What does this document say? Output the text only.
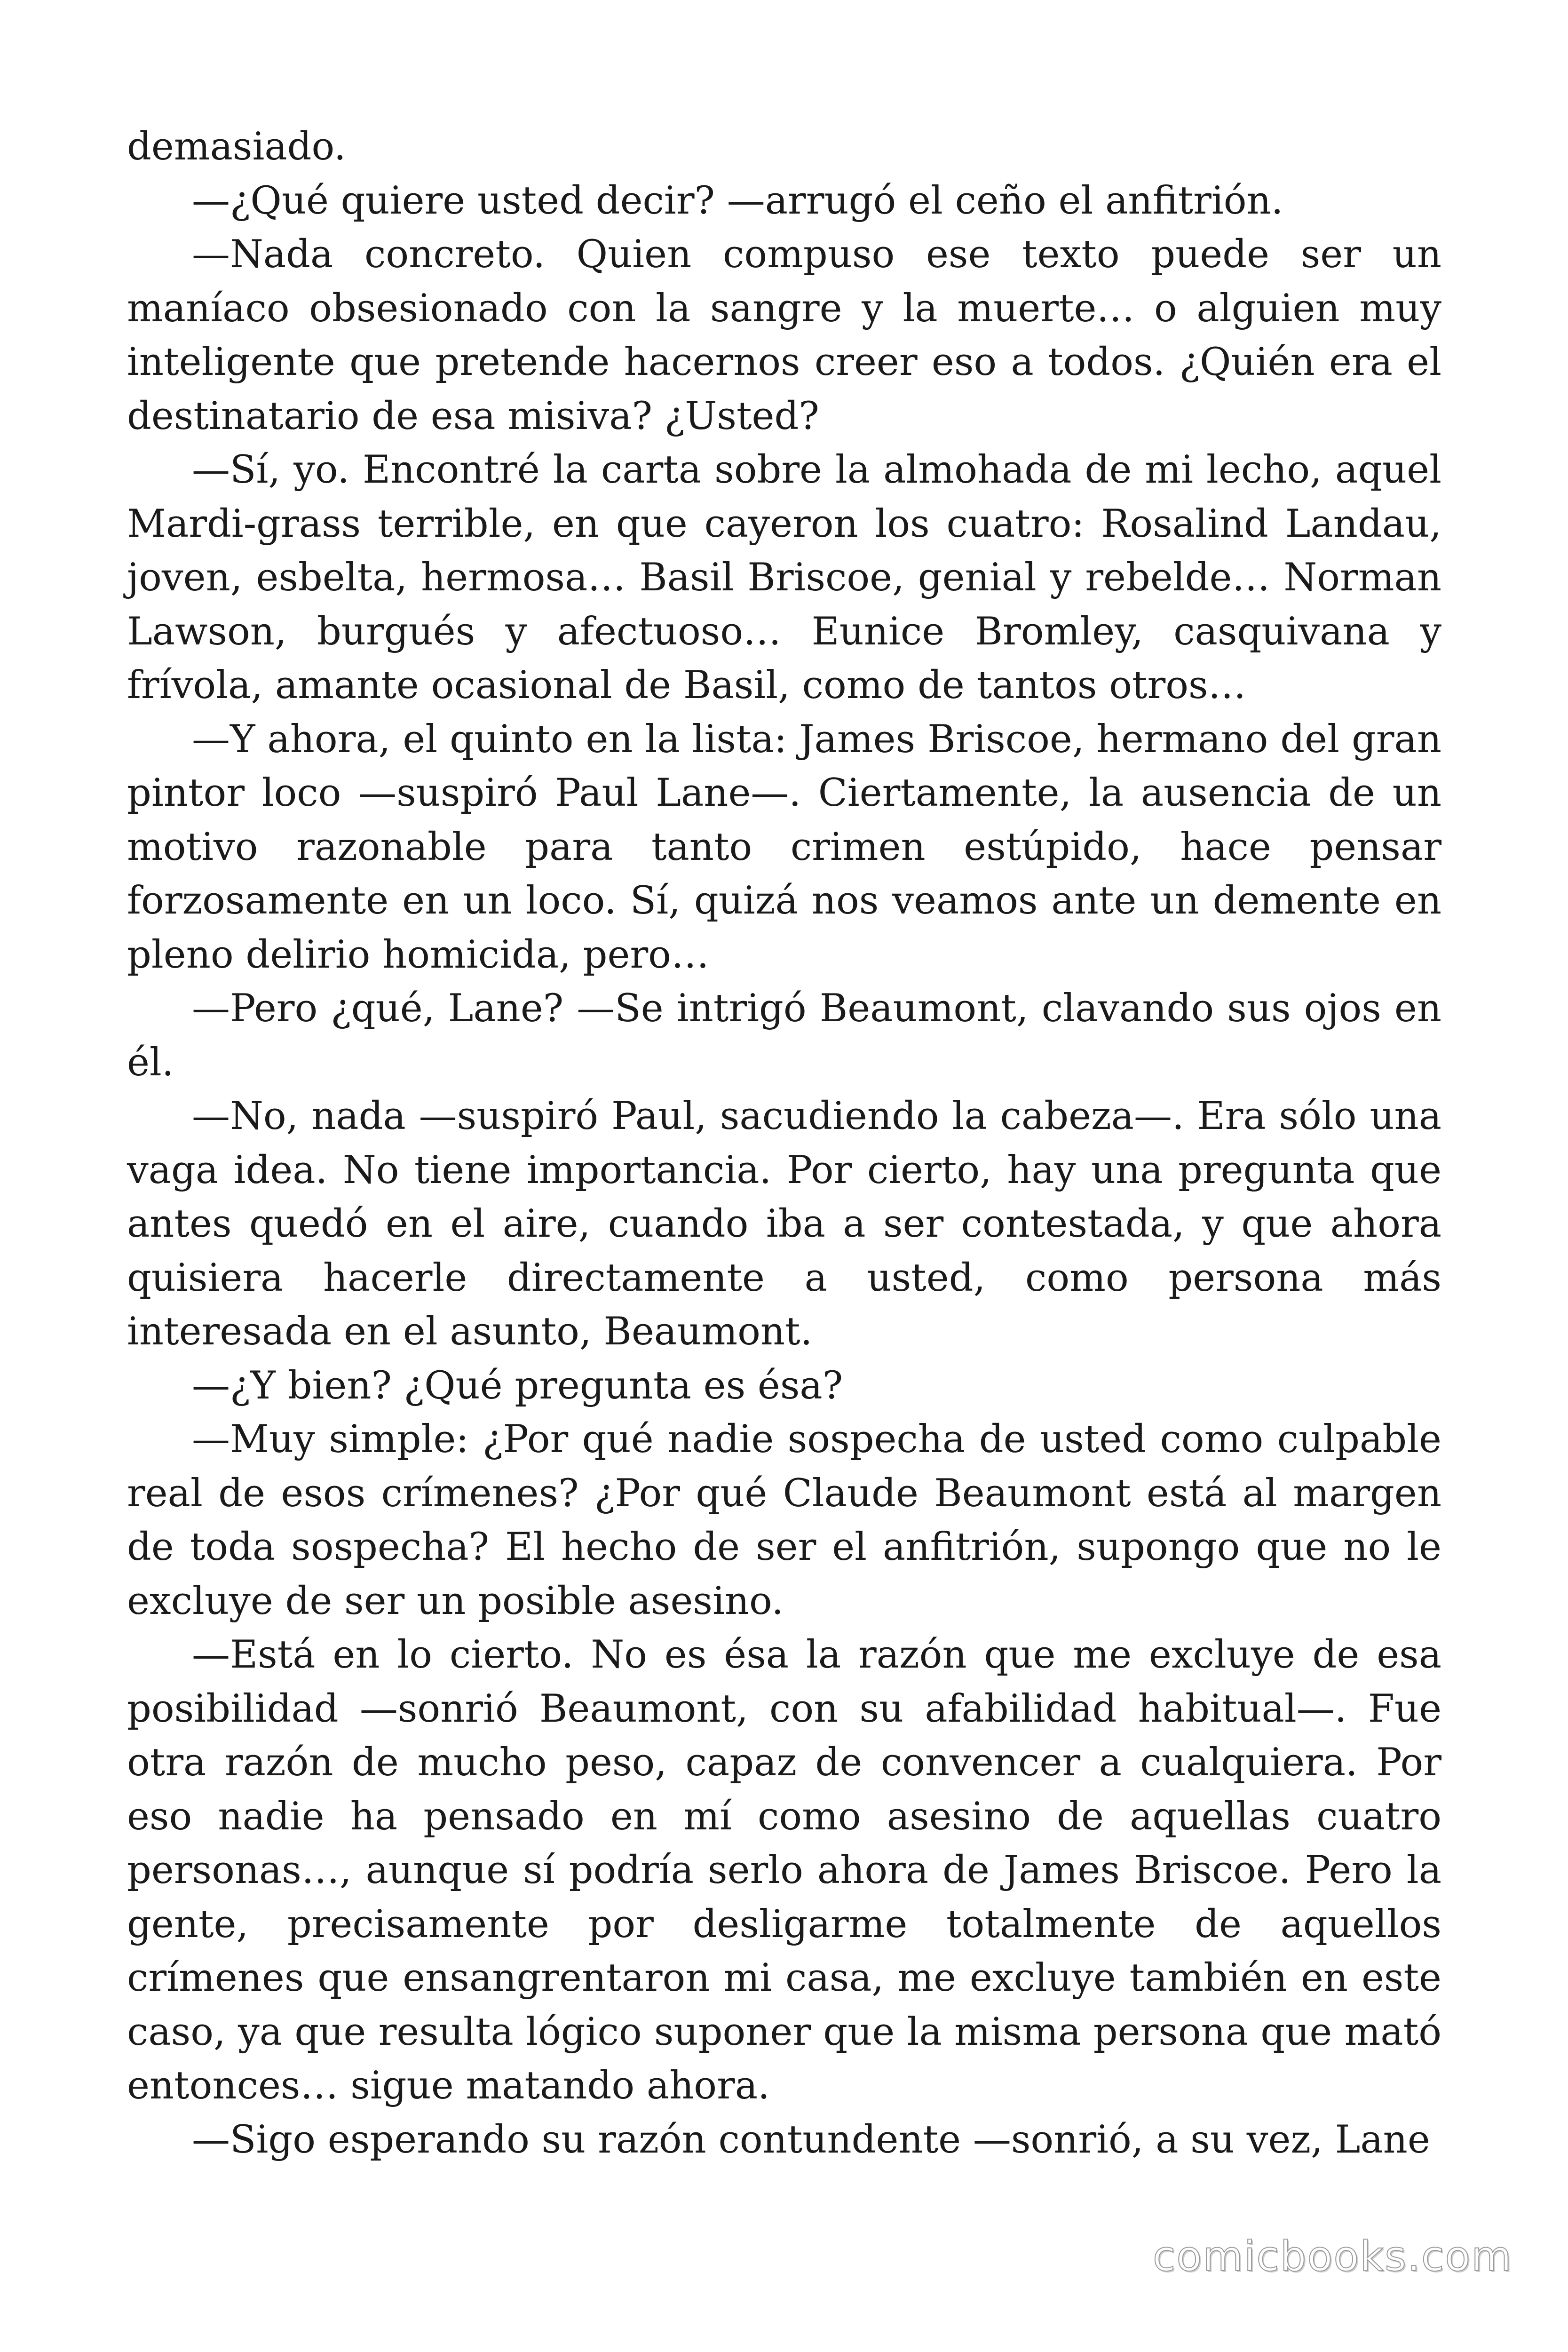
demasiado.

—¿Qué quiere usted decir? —arrugó el ceño el anfitrión.

—Nada concreto. Quien compuso ese texto puede ser un maníaco obsesionado con la sangre y la muerte… o alguien muy inteligente que pretende hacernos creer eso a todos. ¿Quién era el destinatario de esa misiva? ¿Usted?

—Sí, yo. Encontré la carta sobre la almohada de mi lecho, aquel Mardi-grass terrible, en que cayeron los cuatro: Rosalind Landau, joven, esbelta, hermosa… Basil Briscoe, genial y rebelde… Norman Lawson, burgués y afectuoso… Eunice Bromley, casquivana y frívola, amante ocasional de Basil, como de tantos otros…

—Y ahora, el quinto en la lista: James Briscoe, hermano del gran pintor loco —suspiró Paul Lane—. Ciertamente, la ausencia de un motivo razonable para tanto crimen estúpido, hace pensar forzosamente en un loco. Sí, quizá nos veamos ante un demente en pleno delirio homicida, pero…

—Pero ¿qué, Lane? —Se intrigó Beaumont, clavando sus ojos en él.

—No, nada —suspiró Paul, sacudiendo la cabeza—. Era sólo una vaga idea. No tiene importancia. Por cierto, hay una pregunta que antes quedó en el aire, cuando iba a ser contestada, y que ahora quisiera hacerle directamente a usted, como persona más interesada en el asunto, Beaumont.

—¿Y bien? ¿Qué pregunta es ésa?

—Muy simple: ¿Por qué nadie sospecha de usted como culpable real de esos crímenes? ¿Por qué Claude Beaumont está al margen de toda sospecha? El hecho de ser el anfitrión, supongo que no le excluye de ser un posible asesino.

—Está en lo cierto. No es ésa la razón que me excluye de esa posibilidad —sonrió Beaumont, con su afabilidad habitual—. Fue otra razón de mucho peso, capaz de convencer a cualquiera. Por eso nadie ha pensado en mí como asesino de aquellas cuatro personas…, aunque sí podría serlo ahora de James Briscoe. Pero la gente, precisamente por desligarme totalmente de aquellos crímenes que ensangrentaron mi casa, me excluye también en este caso, ya que resulta lógico suponer que la misma persona que mató entonces… sigue matando ahora.

—Sigo esperando su razón contundente —sonrió, a su vez, Lane

comicbooks.com
